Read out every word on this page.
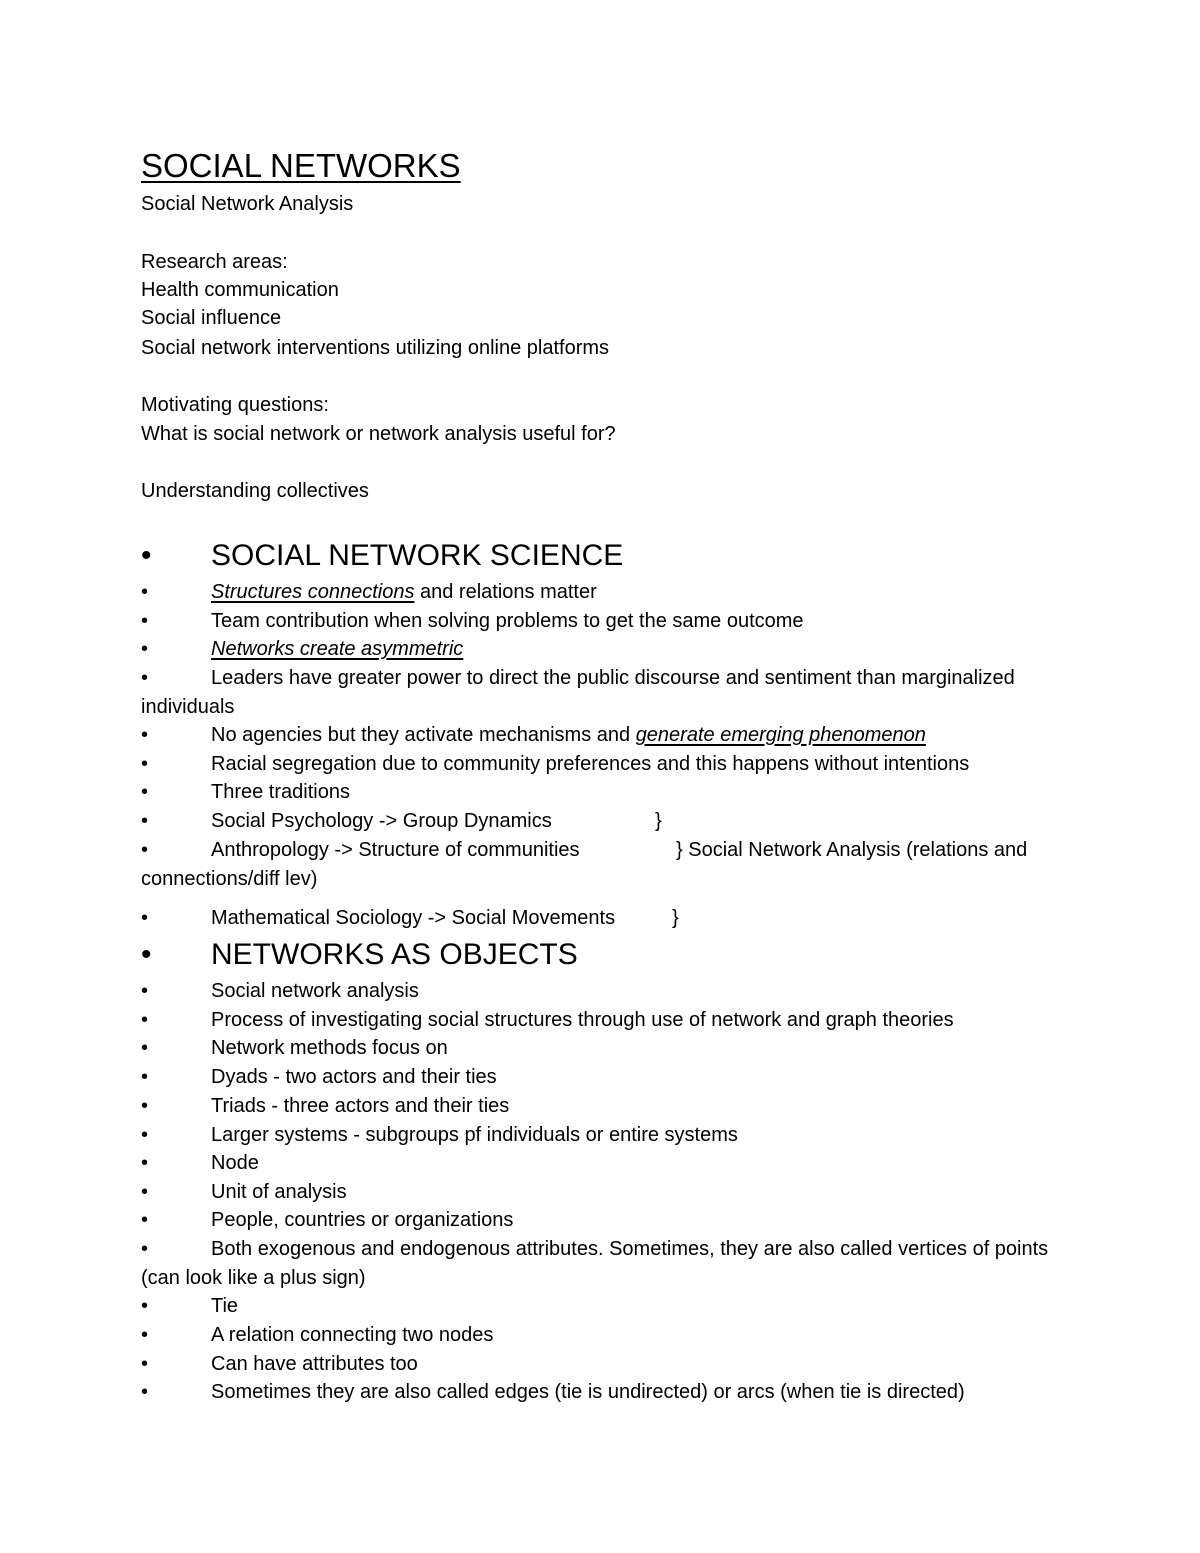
SOCIAL NETWORKS
Social Network Analysis
Research areas:
Health communication
Social influence
Social network interventions utilizing online platforms
Motivating questions:
What is social network or network analysis useful for?
Understanding collectives
•	SOCIAL NETWORK SCIENCE
•	Structures connections and relations matter
•	Team contribution when solving problems to get the same outcome
•	Networks create asymmetric
•	Leaders have greater power to direct the public discourse and sentiment than marginalized individuals
•	No agencies but they activate mechanisms and generate emerging phenomenon
•	Racial segregation due to community preferences and this happens without intentions
•	Three traditions
•	Social Psychology -> Group Dynamics	}
•	Anthropology -> Structure of communities	} Social Network Analysis (relations and
connections/diff lev)
•	Mathematical Sociology -> Social Movements	}
•	NETWORKS AS OBJECTS
•	Social network analysis
•	Process of investigating social structures through use of network and graph theories
•	Network methods focus on
•	Dyads - two actors and their ties
•	Triads - three actors and their ties
•	Larger systems - subgroups pf individuals or entire systems
•	Node
•	Unit of analysis
•	People, countries or organizations
•	Both exogenous and endogenous attributes. Sometimes, they are also called vertices of points (can look like a plus sign)
•	Tie
•	A relation connecting two nodes
•	Can have attributes too
•	Sometimes they are also called edges (tie is undirected) or arcs (when tie is directed)
